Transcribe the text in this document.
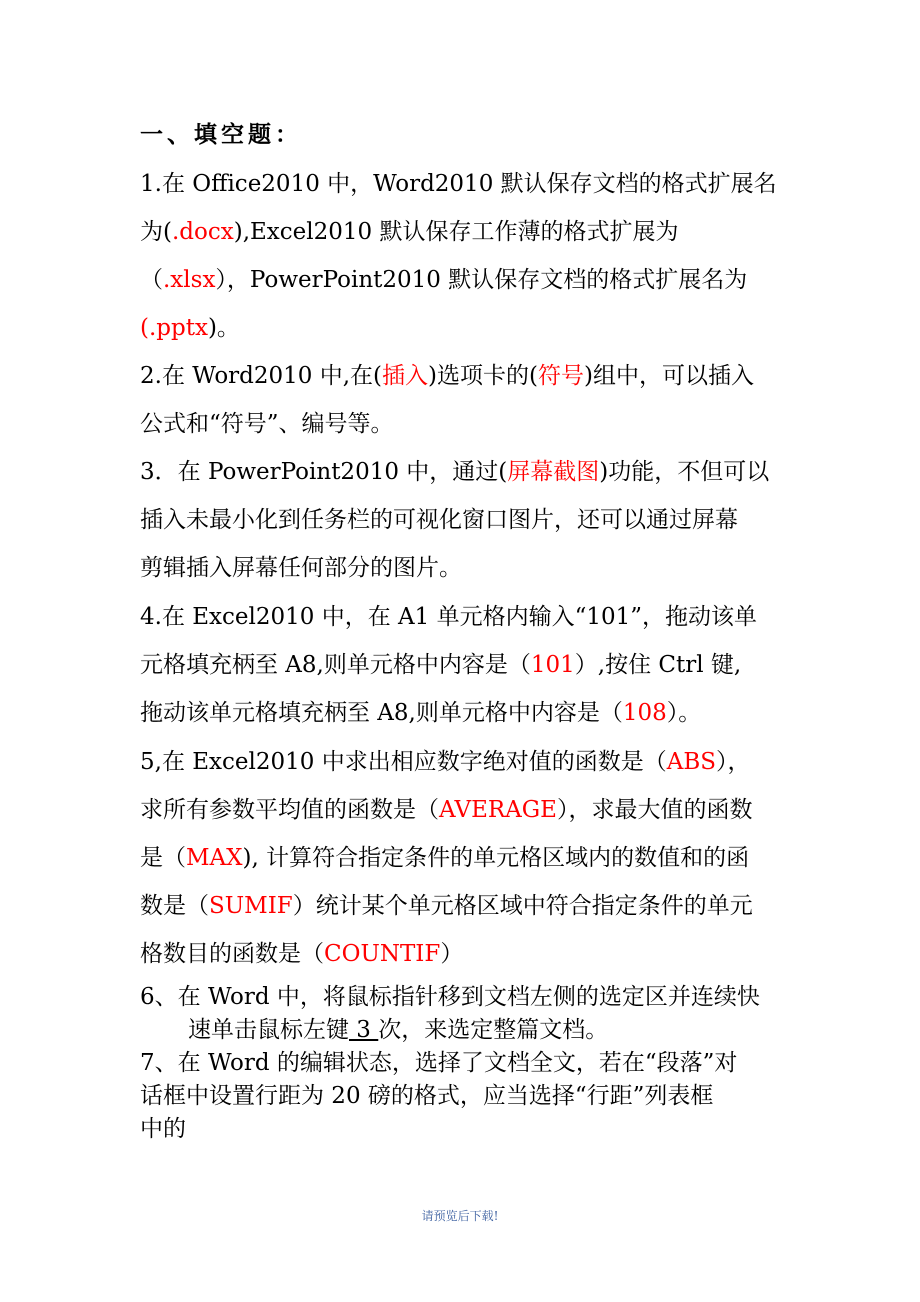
一、填空题：
1.在 Office2010 中，Word2010 默认保存文档的格式扩展名
为(.docx),Excel2010 默认保存工作薄的格式扩展为
（.xlsx），PowerPoint2010 默认保存文档的格式扩展名为
(.pptx)。
2.在 Word2010 中,在(插入)选项卡的(符号)组中，可以插入
公式和“符号”、编号等。
3．在 PowerPoint2010 中，通过(屏幕截图)功能，不但可以
插入未最小化到任务栏的可视化窗口图片，还可以通过屏幕
剪辑插入屏幕任何部分的图片。
4.在 Excel2010 中，在 A1 单元格内输入“101”，拖动该单
元格填充柄至 A8,则单元格中内容是（101）,按住 Ctrl 键,
拖动该单元格填充柄至 A8,则单元格中内容是（108）。
5,在 Excel2010 中求出相应数字绝对值的函数是（ABS），
求所有参数平均值的函数是（AVERAGE），求最大值的函数
是（MAX), 计算符合指定条件的单元格区域内的数值和的函
数是（SUMIF）统计某个单元格区域中符合指定条件的单元
格数目的函数是（COUNTIF）
6、在 Word 中，将鼠标指针移到文档左侧的选定区并连续快
速单击鼠标左键 3 次，来选定整篇文档。
7、在 Word 的编辑状态，选择了文档全文，若在“段落”对
话框中设置行距为 20 磅的格式，应当选择“行距”列表框
中的
请预览后下载!
